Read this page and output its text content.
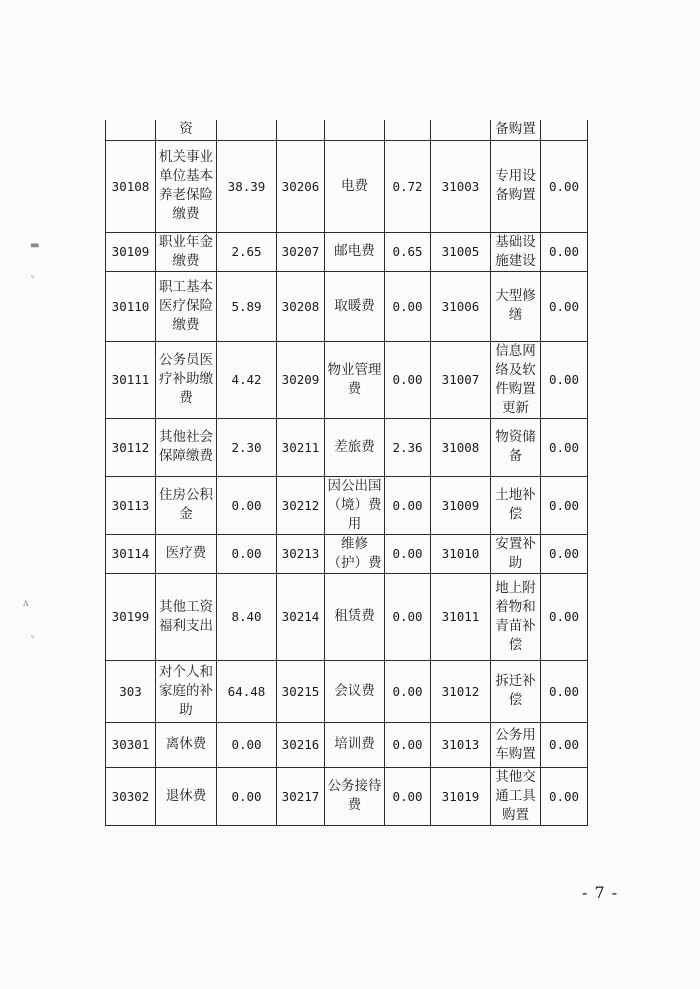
	资						备购置	
30108	机关事业单位基本养老保险缴费	38.39	30206	电费	0.72	31003	专用设备购置	0.00
30109	职业年金缴费	2.65	30207	邮电费	0.65	31005	基础设施建设	0.00
30110	职工基本医疗保险缴费	5.89	30208	取暖费	0.00	31006	大型修缮	0.00
30111	公务员医疗补助缴费	4.42	30209	物业管理费	0.00	31007	信息网络及软件购置更新	0.00
30112	其他社会保障缴费	2.30	30211	差旅费	2.36	31008	物资储备	0.00
30113	住房公积金	0.00	30212	因公出国（境）费用	0.00	31009	土地补偿	0.00
30114	医疗费	0.00	30213	维修（护）费	0.00	31010	安置补助	0.00
30199	其他工资福利支出	8.40	30214	租赁费	0.00	31011	地上附着物和青苗补偿	0.00
303	对个人和家庭的补助	64.48	30215	会议费	0.00	31012	拆迁补偿	0.00
30301	离休费	0.00	30216	培训费	0.00	31013	公务用车购置	0.00
30302	退休费	0.00	30217	公务接待费	0.00	31019	其他交通工具购置	0.00
- 7 -
▬
ˇ
ʌ
ˇ
